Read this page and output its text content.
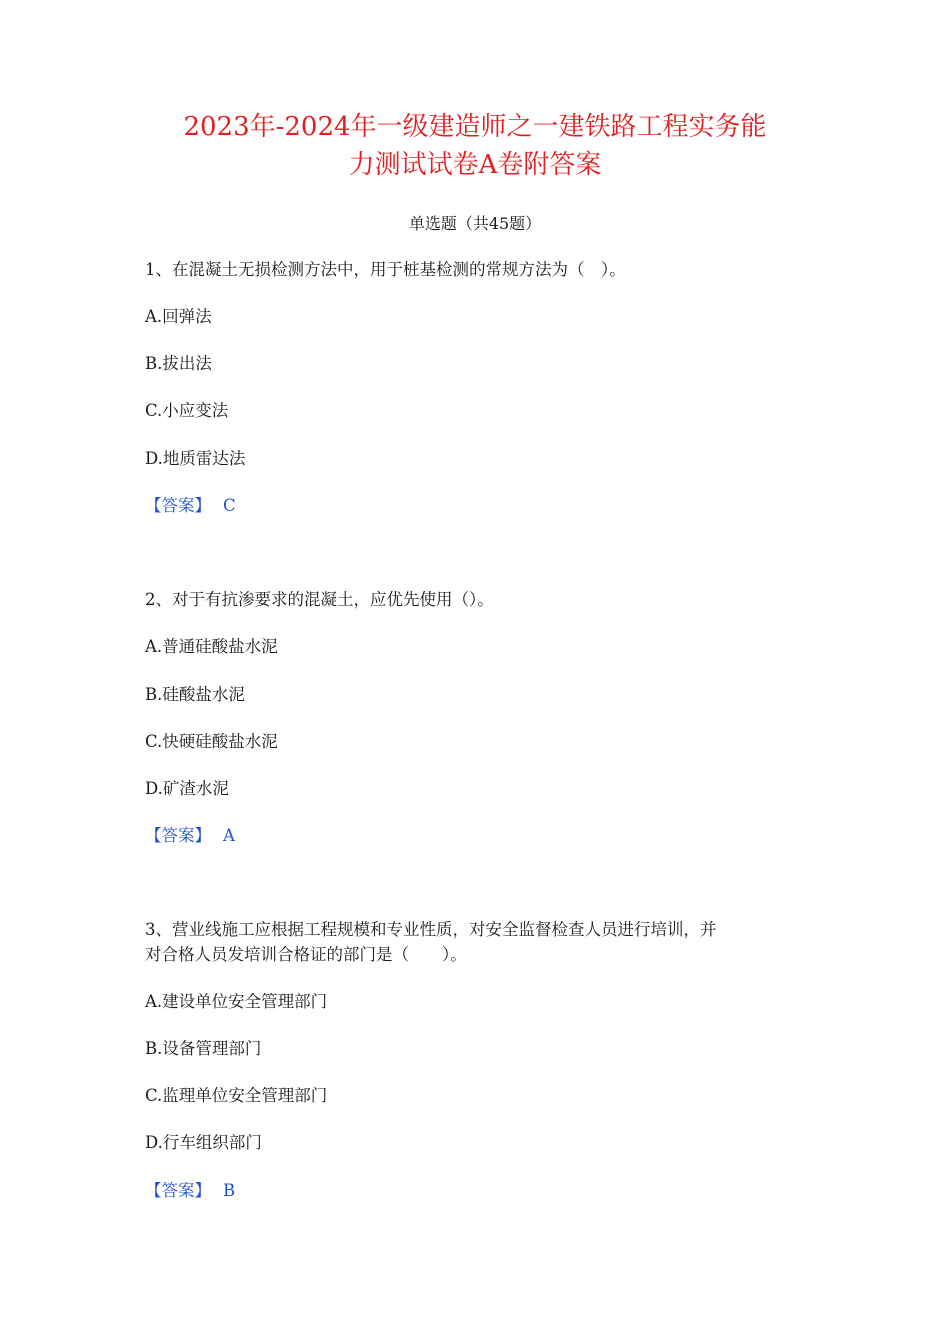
2023年-2024年一级建造师之一建铁路工程实务能
力测试试卷A卷附答案
单选题（共45题）
1、在混凝土无损检测方法中，用于桩基检测的常规方法为（　）。
A.回弹法
B.拔出法
C.小应变法
D.地质雷达法
【答案】 C
2、对于有抗渗要求的混凝土，应优先使用（）。
A.普通硅酸盐水泥
B.硅酸盐水泥
C.快硬硅酸盐水泥
D.矿渣水泥
【答案】 A
3、营业线施工应根据工程规模和专业性质，对安全监督检查人员进行培训，并
对合格人员发培训合格证的部门是（　　）。
A.建设单位安全管理部门
B.设备管理部门
C.监理单位安全管理部门
D.行车组织部门
【答案】 B
